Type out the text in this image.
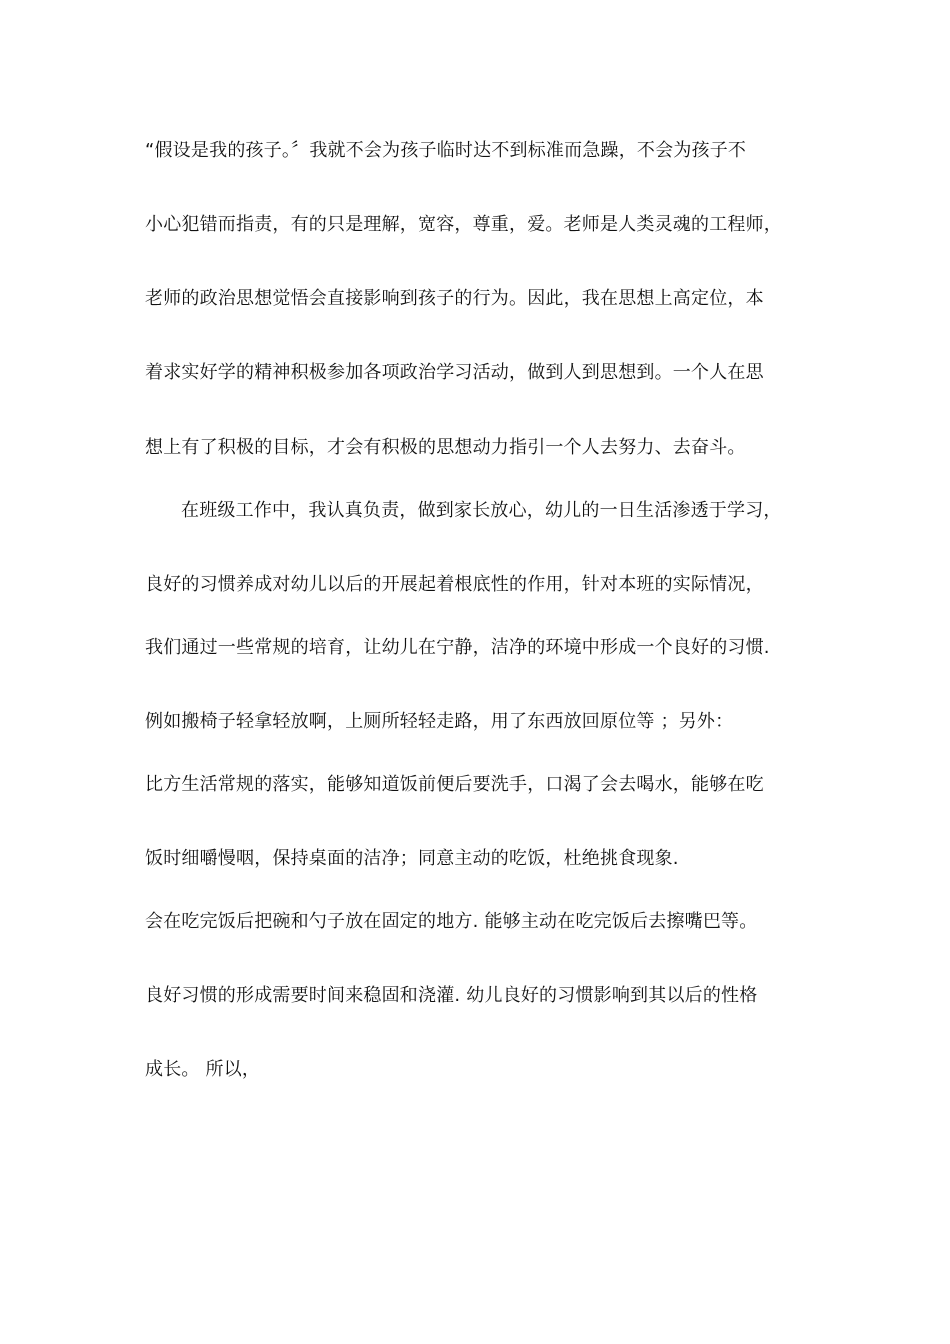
“假设是我的孩子。〞我就不会为孩子临时达不到标准而急躁，不会为孩子不
小心犯错而指责，有的只是理解，宽容，尊重，爱。老师是人类灵魂的工程师，
老师的政治思想觉悟会直接影响到孩子的行为。因此，我在思想上高定位，本
着求实好学的精神积极参加各项政治学习活动，做到人到思想到。一个人在思
想上有了积极的目标，才会有积极的思想动力指引一个人去努力、去奋斗。
在班级工作中，我认真负责，做到家长放心，幼儿的一日生活渗透于学习，
良好的习惯养成对幼儿以后的开展起着根底性的作用，针对本班的实际情况，
我们通过一些常规的培育，让幼儿在宁静，洁净的环境中形成一个良好的习惯.
例如搬椅子轻拿轻放啊，上厕所轻轻走路，用了东西放回原位等 ；另外：
比方生活常规的落实，能够知道饭前便后要洗手，口渴了会去喝水，能够在吃
饭时细嚼慢咽，保持桌面的洁净；同意主动的吃饭，杜绝挑食现象.
会在吃完饭后把碗和勺子放在固定的地方. 能够主动在吃完饭后去擦嘴巴等。
良好习惯的形成需要时间来稳固和浇灌. 幼儿良好的习惯影响到其以后的性格
成长。 所以，
